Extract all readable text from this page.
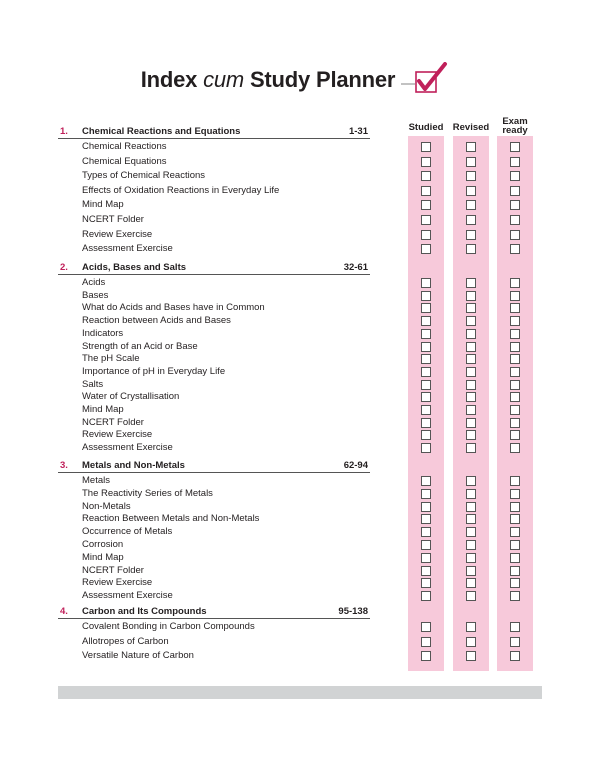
Index cum Study Planner
Studied Revised
Exam
ready
1. Chemical Reactions and Equations	1-31
Chemical Reactions
Chemical Equations
Types of Chemical Reactions
Effects of Oxidation Reactions in Everyday Life
Mind Map
NCERT Folder
Review Exercise
Assessment Exercise
2. Acids, Bases and Salts	32-61
Acids
Bases
What do Acids and Bases have in Common
Reaction between Acids and Bases
Indicators
Strength of an Acid or Base
The pH Scale
Importance of pH in Everyday Life
Salts
Water of Crystallisation
Mind Map
NCERT Folder
Review Exercise
Assessment Exercise
3. Metals and Non-Metals	62-94
Metals
The Reactivity Series of Metals
Non-Metals
Reaction Between Metals and Non-Metals
Occurrence of Metals
Corrosion
Mind Map
NCERT Folder
Review Exercise
Assessment Exercise
4. Carbon and Its Compounds	95-138
Covalent Bonding in Carbon Compounds
Allotropes of Carbon
Versatile Nature of Carbon
